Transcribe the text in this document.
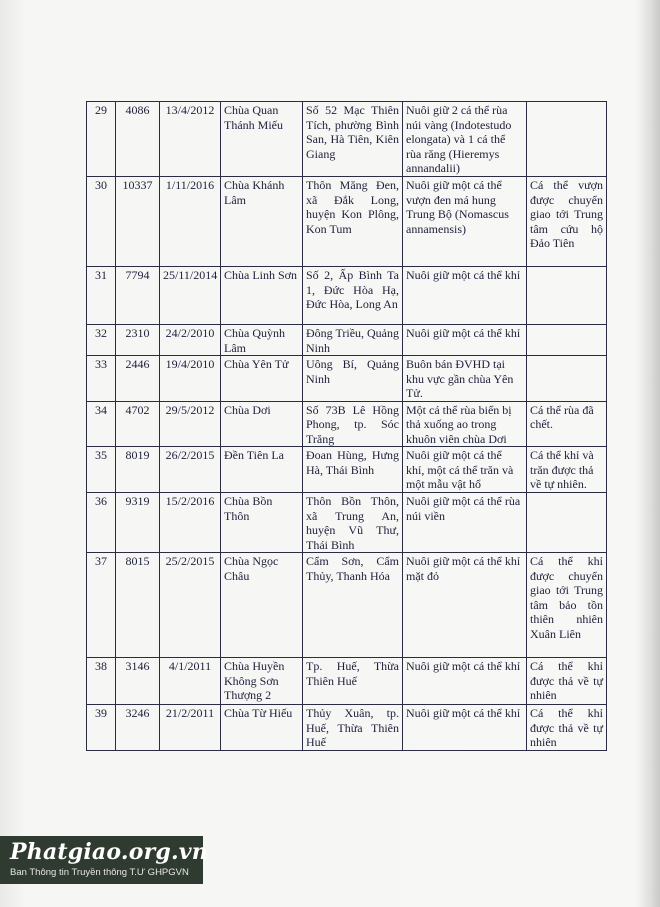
29	4086	13/4/2012	Chùa Quan Thánh Miếu	Số 52 Mạc Thiên Tích, phường Bình San, Hà Tiên, Kiên Giang	Nuôi giữ 2 cá thể rùa núi vàng (Indotestudo elongata) và 1 cá thể rùa răng (Hieremys annandalii)	
30	10337	1/11/2016	Chùa Khánh Lâm	Thôn Măng Đen, xã Đắk Long, huyện Kon Plông, Kon Tum	Nuôi giữ một cá thể vượn đen má hung Trung Bộ (Nomascus annamensis)	Cá thể vượn được chuyển giao tới Trung tâm cứu hộ Đảo Tiên
31	7794	25/11/2014	Chùa Linh Sơn	Số 2, Ấp Bình Ta 1, Đức Hòa Hạ, Đức Hòa, Long An	Nuôi giữ một cá thể khỉ	
32	2310	24/2/2010	Chùa Quỳnh Lâm	Đông Triều, Quảng Ninh	Nuôi giữ một cá thể khỉ	
33	2446	19/4/2010	Chùa Yên Tử	Uông Bí, Quảng Ninh	Buôn bán ĐVHD tại khu vực gần chùa Yên Tử.	
34	4702	29/5/2012	Chùa Dơi	Số 73B Lê Hồng Phong, tp. Sóc Trăng	Một cá thể rùa biển bị thả xuống ao trong khuôn viên chùa Dơi	Cá thể rùa đã chết.
35	8019	26/2/2015	Đền Tiên La	Đoan Hùng, Hưng Hà, Thái Bình	Nuôi giữ một cá thể khỉ, một cá thể trăn và một mẫu vật hổ	Cá thể khỉ và trăn được thả về tự nhiên.
36	9319	15/2/2016	Chùa Bồn Thôn	Thôn Bồn Thôn, xã Trung An, huyện Vũ Thư, Thái Bình	Nuôi giữ một cá thể rùa núi viền	
37	8015	25/2/2015	Chùa Ngọc Châu	Cẩm Sơn, Cẩm Thủy, Thanh Hóa	Nuôi giữ một cá thể khỉ mặt đỏ	Cá thể khỉ được chuyển giao tới Trung tâm bảo tồn thiên nhiên Xuân Liên
38	3146	4/1/2011	Chùa Huyền Không Sơn Thượng 2	Tp. Huế, Thừa Thiên Huế	Nuôi giữ một cá thể khỉ	Cá thể khỉ được thả về tự nhiên
39	3246	21/2/2011	Chùa Từ Hiếu	Thủy Xuân, tp. Huế, Thừa Thiên Huế	Nuôi giữ một cá thể khỉ	Cá thể khỉ được thả về tự nhiên
Phatgiao.org.vn
Ban Thông tin Truyền thông T.Ư GHPGVN
